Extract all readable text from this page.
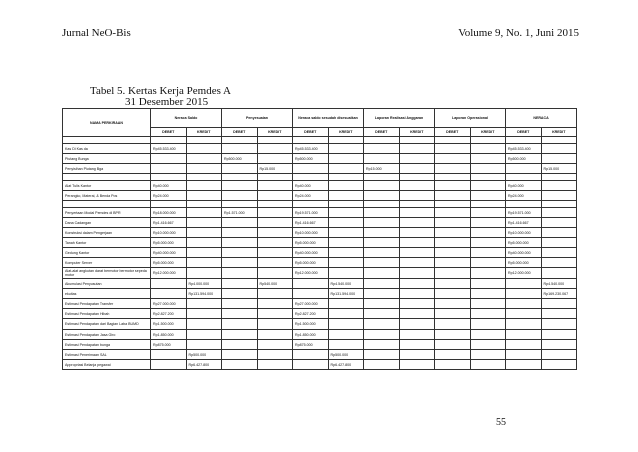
Jurnal NeO-Bis	Volume 9, No. 1, Juni 2015
Tabel 5. Kertas Kerja Pemdes A
31 Desember 2015
NAMA PERKIRAAN	Neraca Saldo		Penyesuaian		Neraca saldo sesudah disesuaikan		Laporan Realisasi Anggaran		Laporan Operasional		NERACA	
	DEBET	KREDIT	DEBET	KREDIT	DEBET	KREDIT	DEBET	KREDIT	DEBET	KREDIT	DEBET	KREDIT

Kas Di Kas da	Rp45.533.400				Rp45.533.400						Rp45.533.400	
Piutang Bunga			Rp500.000		Rp500.000						Rp500.000	
Penyisihan Piutang Bga				Rp15.000			Rp15.000					Rp15.000

Alat Tulis Kantor	Rp40.000				Rp40.000						Rp40.000	
Perangko, Materai, & Benda Pos	Rp24.000				Rp24.000						Rp24.000	

Penyertaan Modal Pemdes di BPR	Rp18.000.000		Rp1.571.000		Rp19.571.000						Rp19.571.000	
Dana Cadangan	Rp1.416.667				Rp1.416.667						Rp1.416.667	
Konstruksi dalam Pengerjaan	Rp10.000.000				Rp10.000.000						Rp10.000.000	
Tanah Kantor	Rp5.000.000				Rp5.000.000						Rp5.000.000	
Gedung Kantor	Rp40.000.000				Rp40.000.000						Rp40.000.000	
Komputer Server	Rp5.000.000				Rp5.000.000						Rp5.000.000	
Alat-alat angkutan darat bermotor bermotor sepeda motor	Rp12.000.000				Rp12.000.000						Rp12.000.000	
Akumulasi Penyusutan		Rp4.000.000		Rp540.000		Rp4.540.000						Rp4.540.000
ekuitas		Rp131.594.000				Rp131.594.000						Rp169.230.067
Estimasi Pendapatan Transfer	Rp27.000.000				Rp27.000.000							
Estimasi Pendapatan Hibah	Rp2.827.200				Rp2.827.200							
Estimasi Pendapatan dari Bagian Laba BUMD	Rp1.500.000				Rp1.500.000							
Estimasi Pendapatan Jasa Giro	Rp1.850.000				Rp1.850.000							
Estimasi Pendapatan bunga	Rp875.000				Rp875.000							
Estimasi Penerimaan SAL		Rp500.000				Rp500.000						
Appropriasi Belanja pegawai		Rp6.427.800				Rp6.427.800						
55
